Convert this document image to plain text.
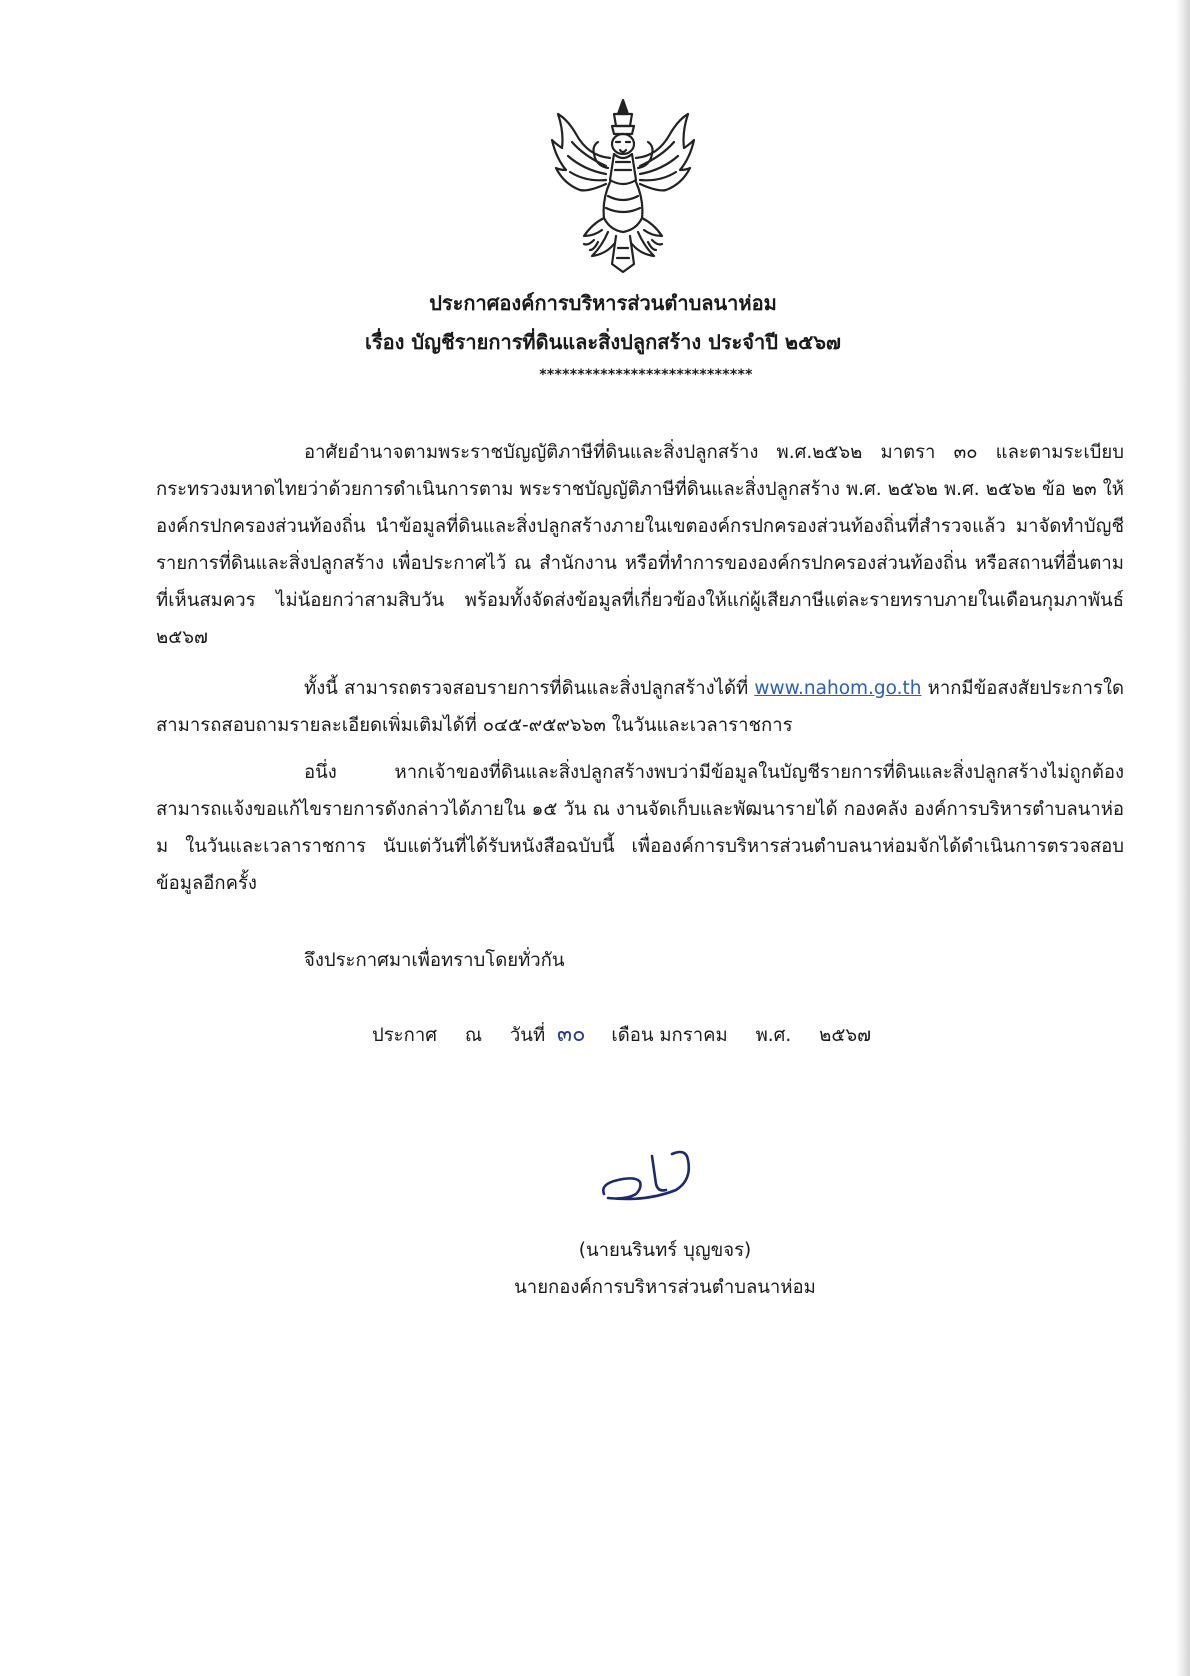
ประกาศองค์การบริหารส่วนตำบลนาห่อม
เรื่อง บัญชีรายการที่ดินและสิ่งปลูกสร้าง ประจำปี ๒๕๖๗
****************************

อาศัยอำนาจตามพระราชบัญญัติภาษีที่ดินและสิ่งปลูกสร้าง พ.ศ.๒๕๖๒ มาตรา ๓๐ และตามระเบียบกระทรวงมหาดไทยว่าด้วยการดำเนินการตาม พระราชบัญญัติภาษีที่ดินและสิ่งปลูกสร้าง พ.ศ. ๒๕๖๒ พ.ศ. ๒๕๖๒ ข้อ ๒๓ ให้องค์กรปกครองส่วนท้องถิ่น นำข้อมูลที่ดินและสิ่งปลูกสร้างภายในเขตองค์กรปกครองส่วนท้องถิ่นที่สำรวจแล้ว มาจัดทำบัญชีรายการที่ดินและสิ่งปลูกสร้าง เพื่อประกาศไว้ ณ สำนักงาน หรือที่ทำการขององค์กรปกครองส่วนท้องถิ่น หรือสถานที่อื่นตามที่เห็นสมควร ไม่น้อยกว่าสามสิบวัน พร้อมทั้งจัดส่งข้อมูลที่เกี่ยวข้องให้แก่ผู้เสียภาษีแต่ละรายทราบภายในเดือนกุมภาพันธ์ ๒๕๖๗

ทั้งนี้ สามารถตรวจสอบรายการที่ดินและสิ่งปลูกสร้างได้ที่ www.nahom.go.th หากมีข้อสงสัยประการใดสามารถสอบถามรายละเอียดเพิ่มเติมได้ที่ ๐๔๕-๙๕๙๖๖๓ ในวันและเวลาราชการ

อนึ่ง หากเจ้าของที่ดินและสิ่งปลูกสร้างพบว่ามีข้อมูลในบัญชีรายการที่ดินและสิ่งปลูกสร้างไม่ถูกต้อง สามารถแจ้งขอแก้ไขรายการดังกล่าวได้ภายใน ๑๕ วัน ณ งานจัดเก็บและพัฒนารายได้ กองคลัง องค์การบริหารตำบลนาห่อม ในวันและเวลาราชการ นับแต่วันที่ได้รับหนังสือฉบับนี้ เพื่อองค์การบริหารส่วนตำบลนาห่อมจักได้ดำเนินการตรวจสอบข้อมูลอีกครั้ง

จึงประกาศมาเพื่อทราบโดยทั่วกัน
ประกาศ ณ วันที่ ๓๐ เดือน มกราคม พ.ศ. ๒๕๖๗
(นายนรินทร์ บุญขจร)
นายกองค์การบริหารส่วนตำบลนาห่อม
